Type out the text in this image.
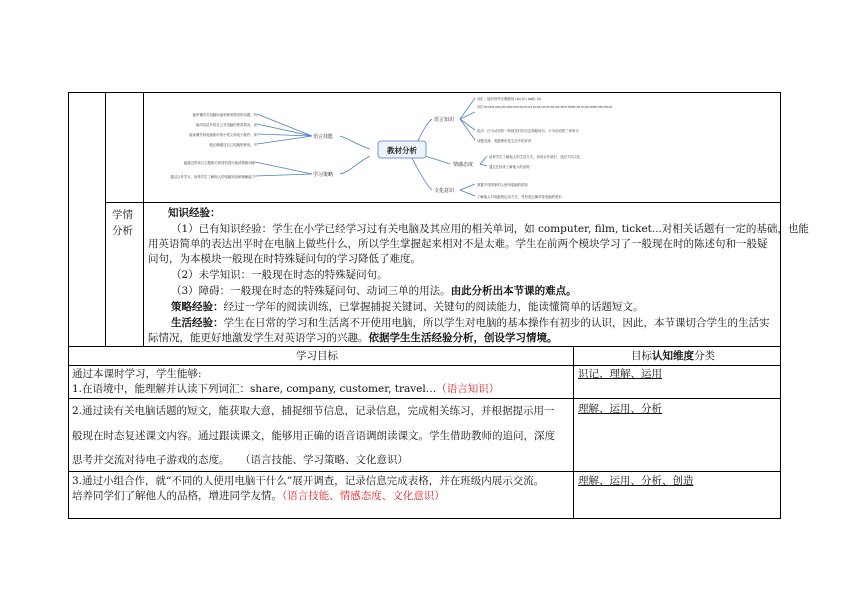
教材分析
语言技能
学习策略
语言知识
情感态度
文化意识
能听懂有关电脑用途和使用情况的话题。听
能用英语介绍自己对电脑的使用情况。说
能读懂介绍电脑知识的小短文和电子邮件。读
能正确描述自己电脑的使用。写
能通过听读与主题相关的材料进行阅读策略训练
通过合作学习，培养学生了解他人的电脑知识和理解能力
词汇：能识别并正确使用 (w) (n) (adj) (v)
单词短语：share, Australia, company, often, customer, Internet, check, train, travel, plan, ticket, music movie, might, search, search for, information, email, send, game, sometimes, cinema, clothes, visit
语法：行为动词的一般现在时的否定和疑问句，行为动词的三单形式
话题交流：电脑使用及生活中的应用
培养学生了解他人的生活方式，形成合作意识，适应不同文化
通过比较来了解他人的品格
掌握不同国家的人使用电脑的情况
了解他人对电脑的运用方式，并形成正确对待电脑的意识
学情
分析
知识经验：
（1）已有知识经验：学生在小学已经学习过有关电脑及其应用的相关单词，如 computer, film, ticket...对相关话题有一定的基础，也能
用英语简单的表达出平时在电脑上做些什么，所以学生掌握起来相对不是太难。学生在前两个模块学习了一般现在时的陈述句和一般疑
问句，为本模块一般现在时特殊疑问句的学习降低了难度。
（2）未学知识：一般现在时态的特殊疑问句。
（3）障碍：一般现在时态的特殊疑问句、动词三单的用法。由此分析出本节课的难点。
策略经验：经过一学年的阅读训练，已掌握捕捉关键词、关键句的阅读能力，能读懂简单的话题短文。
生活经验：学生在日常的学习和生活离不开使用电脑，所以学生对电脑的基本操作有初步的认识，因此，本节课切合学生的生活实
际情况，能更好地激发学生对英语学习的兴趣。依据学生生活经验分析，创设学习情境。
学习目标	目标认知维度分类
通过本课时学习，学生能够:
1.在语境中，能理解并认读下列词汇：share, company, customer, travel…（语言知识）
识记、理解、运用
2.通过读有关电脑话题的短文，能获取大意，捕捉细节信息，记录信息，完成相关练习，并根据提示用一
般现在时态复述课文内容。通过跟读课文，能够用正确的语音语调朗读课文。学生借助教师的追问，深度
思考并交流对待电子游戏的态度。　　（语言技能、学习策略、文化意识）
理解、运用、分析
3.通过小组合作，就“不同的人使用电脑干什么”展开调查，记录信息完成表格，并在班级内展示交流。
培养同学们了解他人的品格，增进同学友情。（语言技能、情感态度、文化意识）
理解、运用、分析、创造
